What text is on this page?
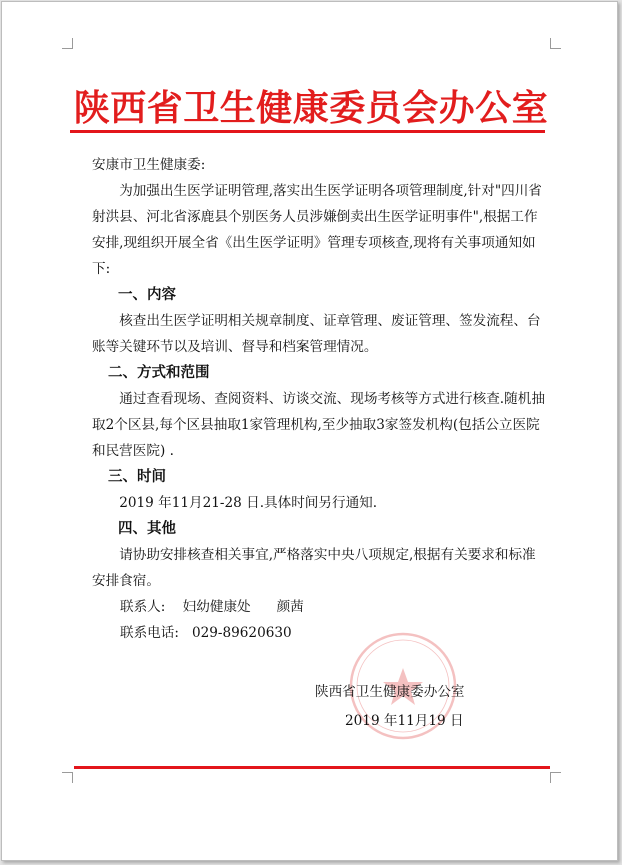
陕西省卫生健康委员会办公室

安康市卫生健康委:

为加强出生医学证明管理,落实出生医学证明各项管理制度,针对"四川省射洪县、河北省涿鹿县个别医务人员涉嫌倒卖出生医学证明事件",根据工作安排,现组织开展全省《出生医学证明》管理专项核查,现将有关事项通知如下:

一、内容

核查出生医学证明相关规章制度、证章管理、废证管理、签发流程、台账等关键环节以及培训、督导和档案管理情况。

二、方式和范围

通过查看现场、查阅资料、访谈交流、现场考核等方式进行核查.随机抽取2个区县,每个区县抽取1家管理机构,至少抽取3家签发机构(包括公立医院和民营医院) .

三、时间

2019 年11月21-28 日.具体时间另行通知.

四、其他

请协助安排核查相关事宜,严格落实中央八项规定,根据有关要求和标准安排食宿。

联系人: 妇幼健康处 颜茜

联系电话: 029-89620630

陕西省卫生健康委办公室
2019 年11月19 日
